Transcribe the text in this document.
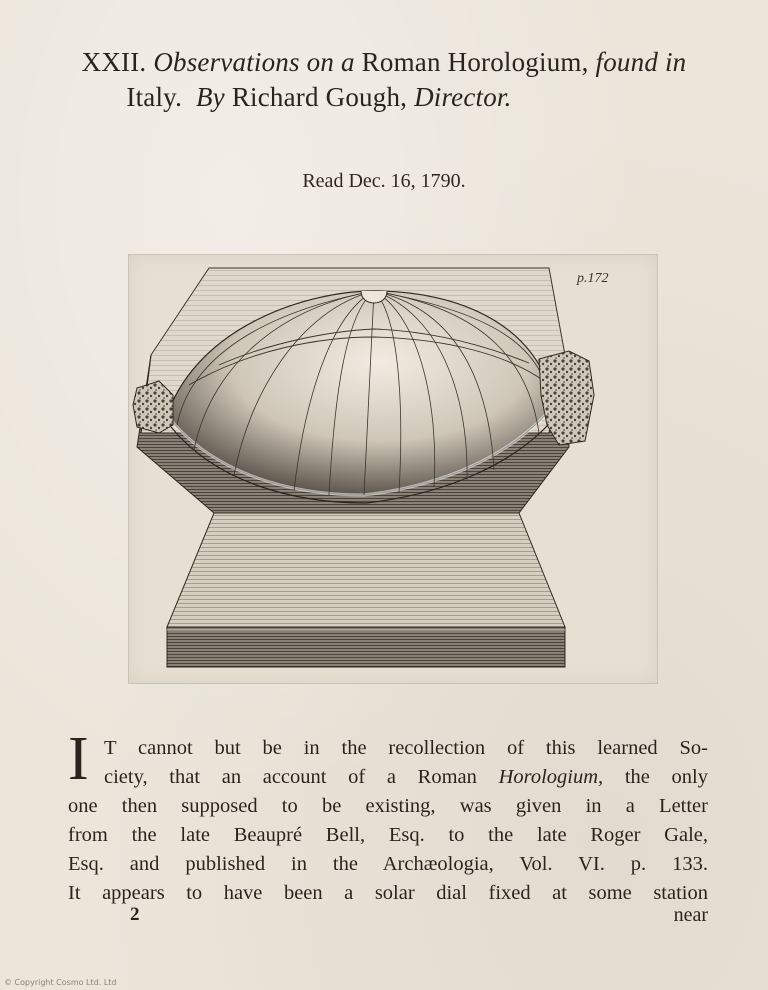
XXII. Observations on a Roman Horologium, found in
Italy. By Richard Gough, Director.
Read Dec. 16, 1790.
p.172
I T cannot but be in the recollection of this learned So-
ciety, that an account of a Roman Horologium, the only
one then supposed to be existing, was given in a Letter
from the late Beaupré Bell, Esq. to the late Roger Gale,
Esq. and published in the Archæologia, Vol. VI. p. 133.
It appears to have been a solar dial fixed at some station
2	near
© Copyright Cosmo Ltd. Ltd
